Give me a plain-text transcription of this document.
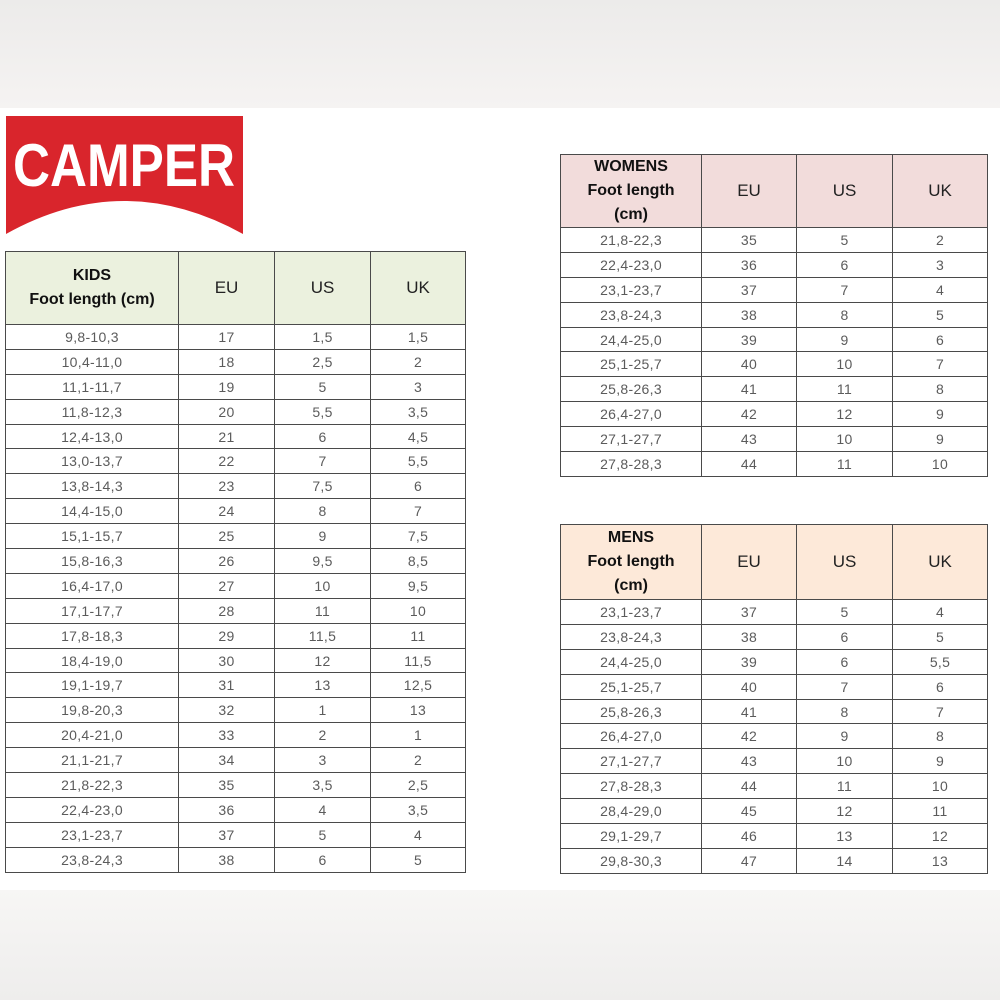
CAMPER
KIDS
Foot length (cm)	EU	US	UK
9,8-10,3	17	1,5	1,5
10,4-11,0	18	2,5	2
11,1-11,7	19	5	3
11,8-12,3	20	5,5	3,5
12,4-13,0	21	6	4,5
13,0-13,7	22	7	5,5
13,8-14,3	23	7,5	6
14,4-15,0	24	8	7
15,1-15,7	25	9	7,5
15,8-16,3	26	9,5	8,5
16,4-17,0	27	10	9,5
17,1-17,7	28	11	10
17,8-18,3	29	11,5	11
18,4-19,0	30	12	11,5
19,1-19,7	31	13	12,5
19,8-20,3	32	1	13
20,4-21,0	33	2	1
21,1-21,7	34	3	2
21,8-22,3	35	3,5	2,5
22,4-23,0	36	4	3,5
23,1-23,7	37	5	4
23,8-24,3	38	6	5
WOMENS
Foot length
(cm)	EU	US	UK
21,8-22,3	35	5	2
22,4-23,0	36	6	3
23,1-23,7	37	7	4
23,8-24,3	38	8	5
24,4-25,0	39	9	6
25,1-25,7	40	10	7
25,8-26,3	41	11	8
26,4-27,0	42	12	9
27,1-27,7	43	10	9
27,8-28,3	44	11	10
MENS
Foot length
(cm)	EU	US	UK
23,1-23,7	37	5	4
23,8-24,3	38	6	5
24,4-25,0	39	6	5,5
25,1-25,7	40	7	6
25,8-26,3	41	8	7
26,4-27,0	42	9	8
27,1-27,7	43	10	9
27,8-28,3	44	11	10
28,4-29,0	45	12	11
29,1-29,7	46	13	12
29,8-30,3	47	14	13
